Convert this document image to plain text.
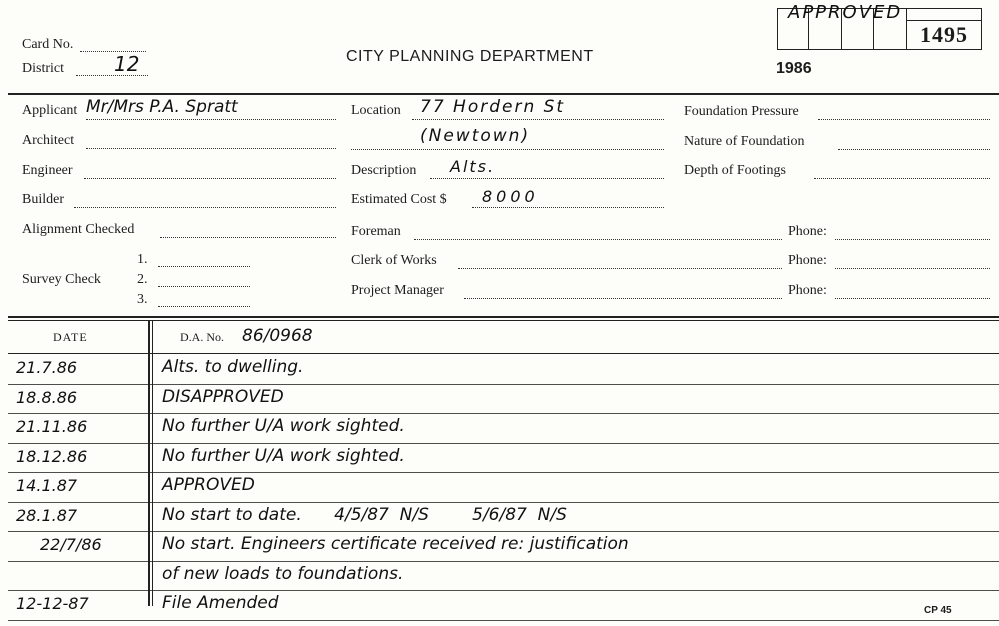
Card No.
District	12	CITY PLANNING DEPARTMENT
1986
APPROVED
1495
Applicant Mr/Mrs P.A. Spratt
Architect
Engineer
Builder
Alignment Checked
Survey Check
1.
2.
3.
Location 77 Hordern St
(Newtown)
Description Alts.
Estimated Cost $ 8000
Foreman
Clerk of Works
Project Manager
Phone:
Phone:
Phone:
Foundation Pressure
Nature of Foundation
Depth of Footings
DATE	D.A. No. 86/0968
21.7.86	Alts. to dwelling.
18.8.86	DISAPPROVED
21.11.86	No further U/A work sighted.
18.12.86	No further U/A work sighted.
14.1.87	APPROVED
28.1.87	No start to date.      4/5/87  N/S        5/6/87  N/S
22/7/86	No start. Engineers certificate received re: justification
of new loads to foundations.
12-12-87	File Amended	CP 45
